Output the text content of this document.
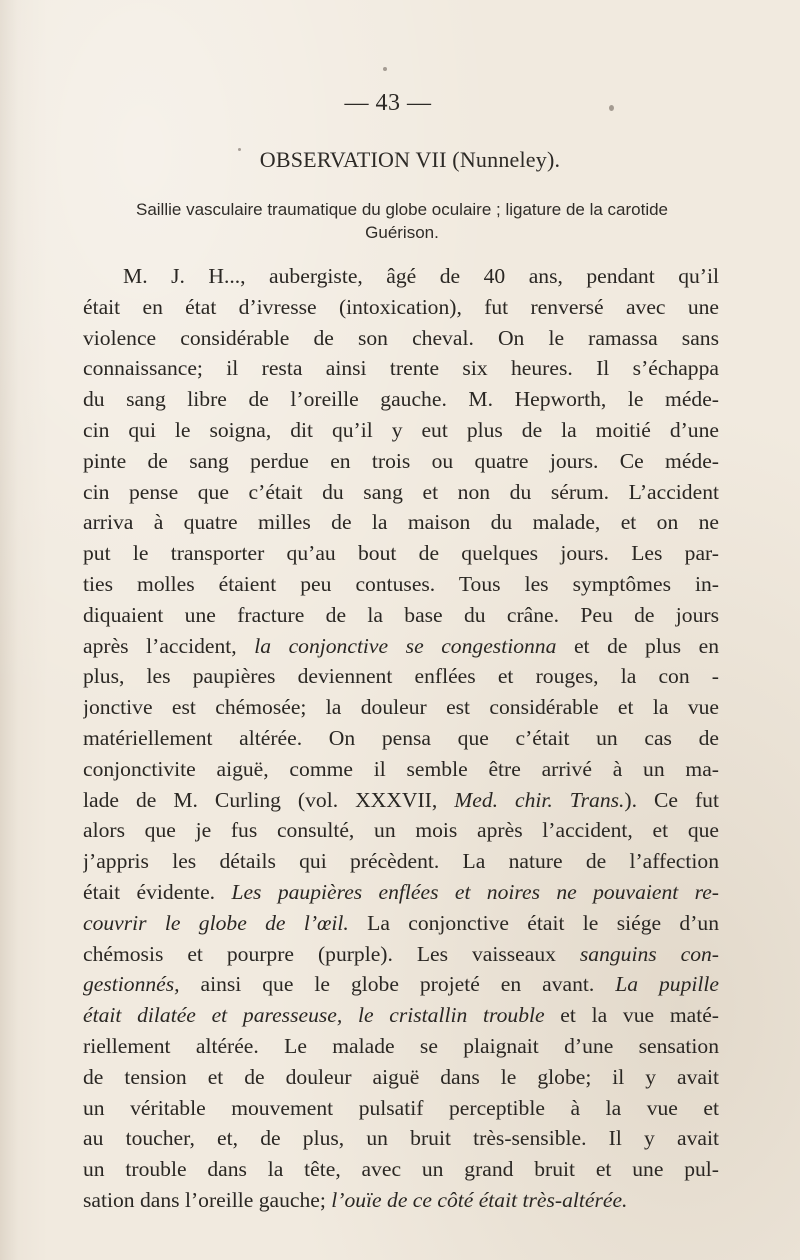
— 43 —
OBSERVATION VII (Nunneley).
Saillie vasculaire traumatique du globe oculaire ; ligature de la carotide
Guérison.
M. J. H..., aubergiste, âgé de 40 ans, pendant qu’il
était en état d’ivresse (intoxication), fut renversé avec une
violence considérable de son cheval. On le ramassa sans
connaissance; il resta ainsi trente six heures. Il s’échappa
du sang libre de l’oreille gauche. M. Hepworth, le méde-
cin qui le soigna, dit qu’il y eut plus de la moitié d’une
pinte de sang perdue en trois ou quatre jours. Ce méde-
cin pense que c’était du sang et non du sérum. L’accident
arriva à quatre milles de la maison du malade, et on ne
put le transporter qu’au bout de quelques jours. Les par-
ties molles étaient peu contuses. Tous les symptômes in-
diquaient une fracture de la base du crâne. Peu de jours
après l’accident, la conjonctive se congestionna et de plus en
plus, les paupières deviennent enflées et rouges, la con -
jonctive est chémosée; la douleur est considérable et la vue
matériellement altérée. On pensa que c’était un cas de
conjonctivite aiguë, comme il semble être arrivé à un ma-
lade de M. Curling (vol. XXXVII, Med. chir. Trans.). Ce fut
alors que je fus consulté, un mois après l’accident, et que
j’appris les détails qui précèdent. La nature de l’affection
était évidente. Les paupières enflées et noires ne pouvaient re-
couvrir le globe de l’œil. La conjonctive était le siége d’un
chémosis et pourpre (purple). Les vaisseaux sanguins con-
gestionnés, ainsi que le globe projeté en avant. La pupille
était dilatée et paresseuse, le cristallin trouble et la vue maté-
riellement altérée. Le malade se plaignait d’une sensation
de tension et de douleur aiguë dans le globe; il y avait
un véritable mouvement pulsatif perceptible à la vue et
au toucher, et, de plus, un bruit très-sensible. Il y avait
un trouble dans la tête, avec un grand bruit et une pul-
sation dans l’oreille gauche; l’ouïe de ce côté était très-altérée.
